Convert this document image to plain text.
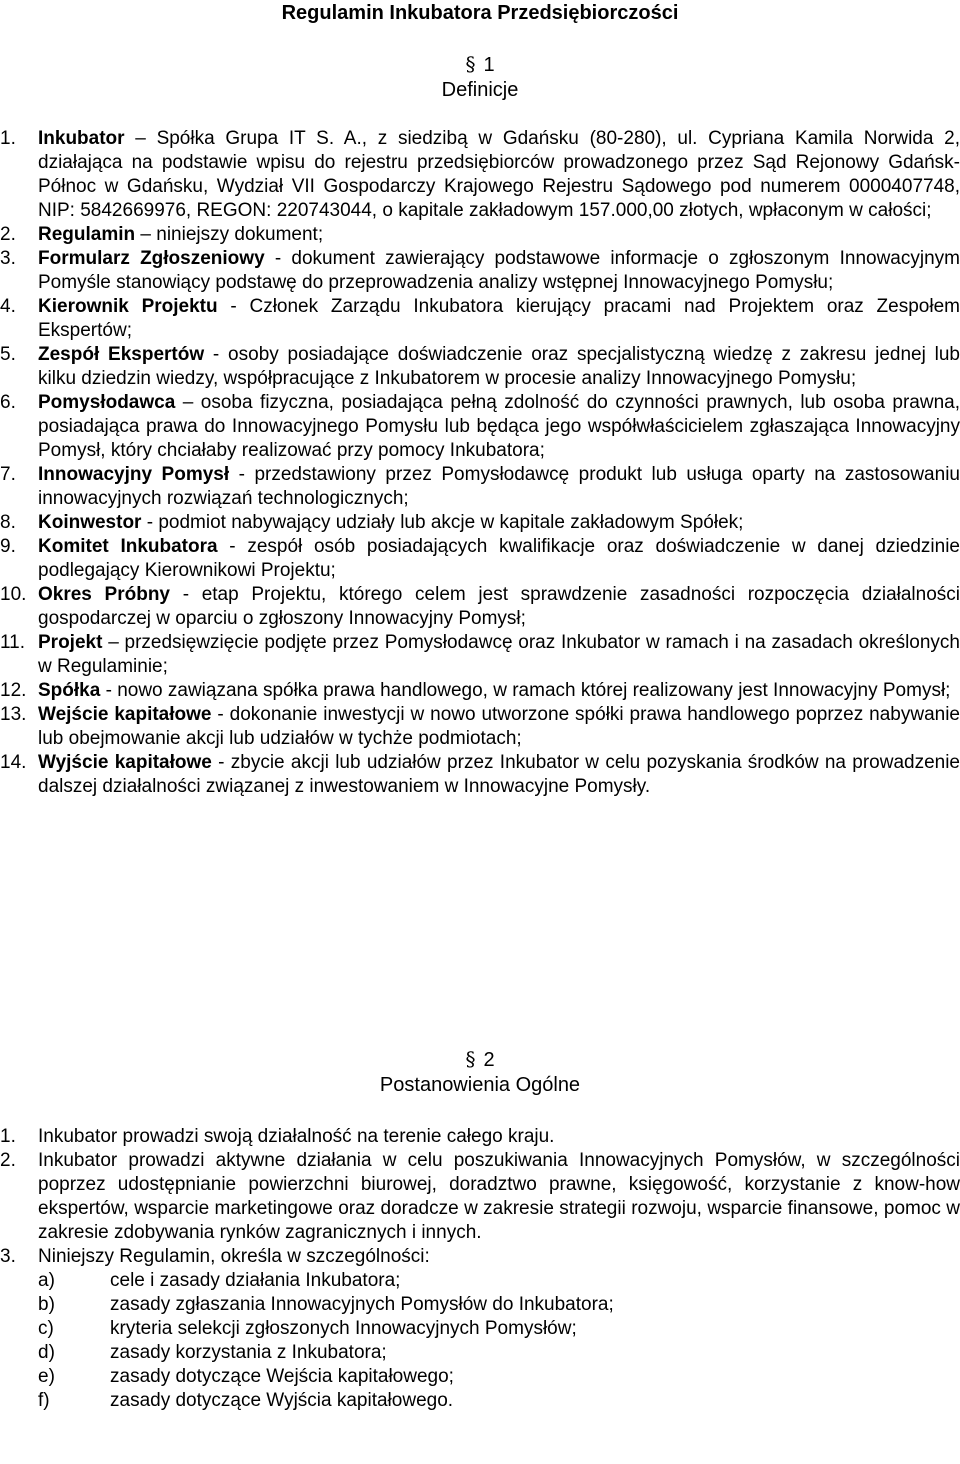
Regulamin Inkubatora Przedsiębiorczości
§ 1
Definicje
1. Inkubator – Spółka Grupa IT S. A., z siedzibą w Gdańsku (80-280), ul. Cypriana Kamila Norwida 2, działająca na podstawie wpisu do rejestru przedsiębiorców prowadzonego przez Sąd Rejonowy Gdańsk-Północ w Gdańsku, Wydział VII Gospodarczy Krajowego Rejestru Sądowego pod numerem 0000407748, NIP: 5842669976, REGON: 220743044, o kapitale zakładowym 157.000,00 złotych, wpłaconym w całości;
2. Regulamin – niniejszy dokument;
3. Formularz Zgłoszeniowy - dokument zawierający podstawowe informacje o zgłoszonym Innowacyjnym Pomyśle stanowiący podstawę do przeprowadzenia analizy wstępnej Innowacyjnego Pomysłu;
4. Kierownik Projektu - Członek Zarządu Inkubatora kierujący pracami nad Projektem oraz Zespołem Ekspertów;
5. Zespół Ekspertów - osoby posiadające doświadczenie oraz specjalistyczną wiedzę z zakresu jednej lub kilku dziedzin wiedzy, współpracujące z Inkubatorem w procesie analizy Innowacyjnego Pomysłu;
6. Pomysłodawca – osoba fizyczna, posiadająca pełną zdolność do czynności prawnych, lub osoba prawna, posiadająca prawa do Innowacyjnego Pomysłu lub będąca jego współwłaścicielem zgłaszająca Innowacyjny Pomysł, który chciałaby realizować przy pomocy Inkubatora;
7. Innowacyjny Pomysł - przedstawiony przez Pomysłodawcę produkt lub usługa oparty na zastosowaniu innowacyjnych rozwiązań technologicznych;
8. Koinwestor - podmiot nabywający udziały lub akcje w kapitale zakładowym Spółek;
9. Komitet Inkubatora - zespół osób posiadających kwalifikacje oraz doświadczenie w danej dziedzinie podlegający Kierownikowi Projektu;
10. Okres Próbny - etap Projektu, którego celem jest sprawdzenie zasadności rozpoczęcia działalności gospodarczej w oparciu o zgłoszony Innowacyjny Pomysł;
11. Projekt – przedsięwzięcie podjęte przez Pomysłodawcę oraz Inkubator w ramach i na zasadach określonych w Regulaminie;
12. Spółka - nowo zawiązana spółka prawa handlowego, w ramach której realizowany jest Innowacyjny Pomysł;
13. Wejście kapitałowe - dokonanie inwestycji w nowo utworzone spółki prawa handlowego poprzez nabywanie lub obejmowanie akcji lub udziałów w tychże podmiotach;
14. Wyjście kapitałowe - zbycie akcji lub udziałów przez Inkubator w celu pozyskania środków na prowadzenie dalszej działalności związanej z inwestowaniem w Innowacyjne Pomysły.
§ 2
Postanowienia Ogólne
1. Inkubator prowadzi swoją działalność na terenie całego kraju.
2. Inkubator prowadzi aktywne działania w celu poszukiwania Innowacyjnych Pomysłów, w szczególności poprzez udostępnianie powierzchni biurowej, doradztwo prawne, księgowość, korzystanie z know-how ekspertów, wsparcie marketingowe oraz doradcze w zakresie strategii rozwoju, wsparcie finansowe, pomoc w zakresie zdobywania rynków zagranicznych i innych.
3. Niniejszy Regulamin, określa w szczególności:
a)	cele i zasady działania Inkubatora;
b)	zasady zgłaszania Innowacyjnych Pomysłów do Inkubatora;
c)	kryteria selekcji zgłoszonych Innowacyjnych Pomysłów;
d)	zasady korzystania z Inkubatora;
e)	zasady dotyczące Wejścia kapitałowego;
f)	zasady dotyczące Wyjścia kapitałowego.
